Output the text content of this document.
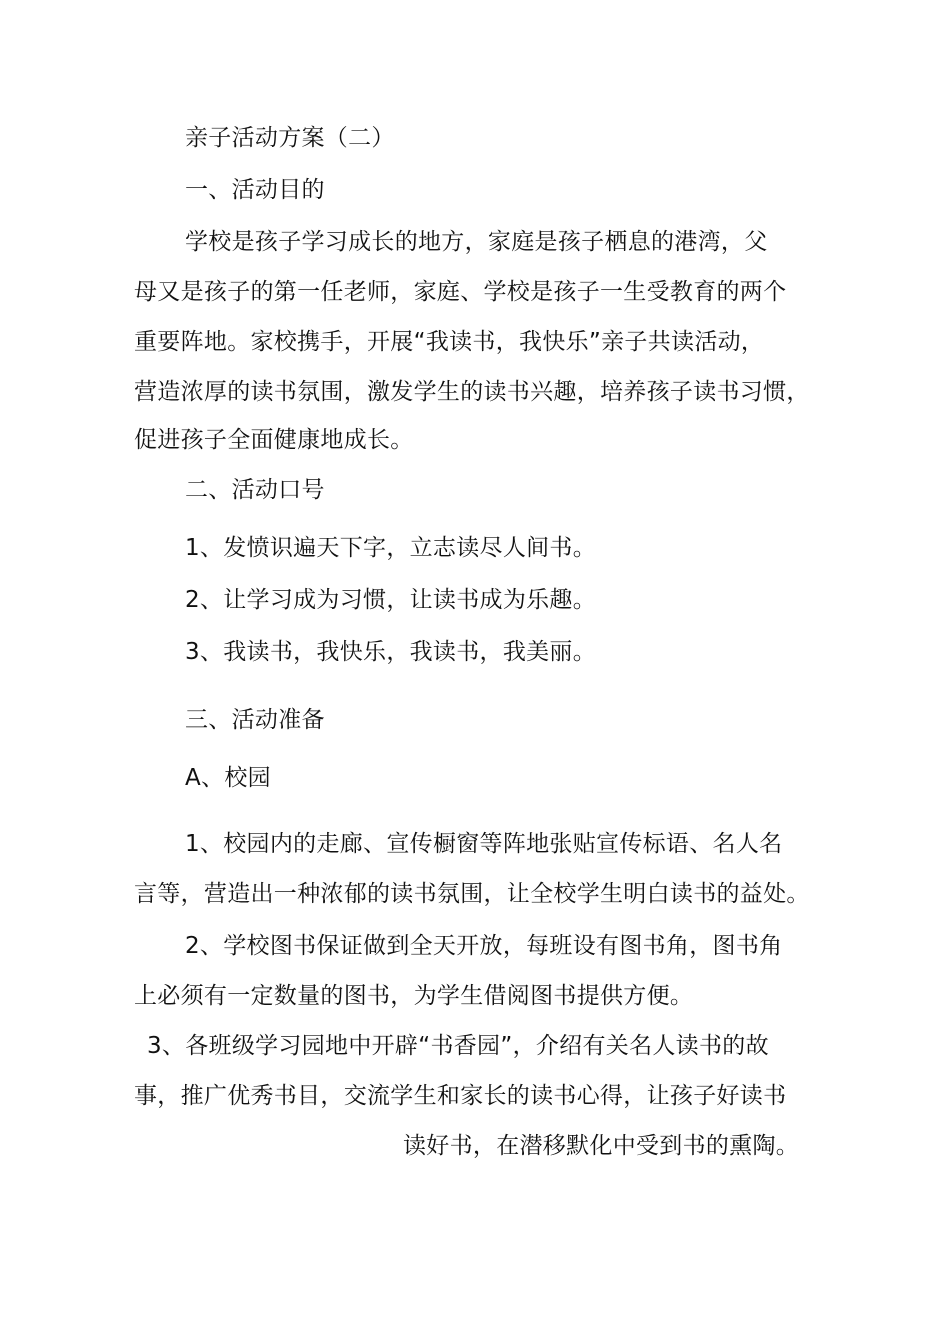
亲子活动方案（二）
一、活动目的
学校是孩子学习成长的地方，家庭是孩子栖息的港湾，父
母又是孩子的第一任老师，家庭、学校是孩子一生受教育的两个
重要阵地。家校携手，开展“我读书，我快乐”亲子共读活动，
营造浓厚的读书氛围，激发学生的读书兴趣，培养孩子读书习惯，
促进孩子全面健康地成长。
二、活动口号
1、发愤识遍天下字，立志读尽人间书。
2、让学习成为习惯，让读书成为乐趣。
3、我读书，我快乐，我读书，我美丽。
三、活动准备
A、校园
1、校园内的走廊、宣传橱窗等阵地张贴宣传标语、名人名
言等，营造出一种浓郁的读书氛围，让全校学生明白读书的益处。
2、学校图书保证做到全天开放，每班设有图书角，图书角
上必须有一定数量的图书，为学生借阅图书提供方便。
3、各班级学习园地中开辟“书香园”，介绍有关名人读书的故
事，推广优秀书目，交流学生和家长的读书心得，让孩子好读书
读好书，在潜移默化中受到书的熏陶。
